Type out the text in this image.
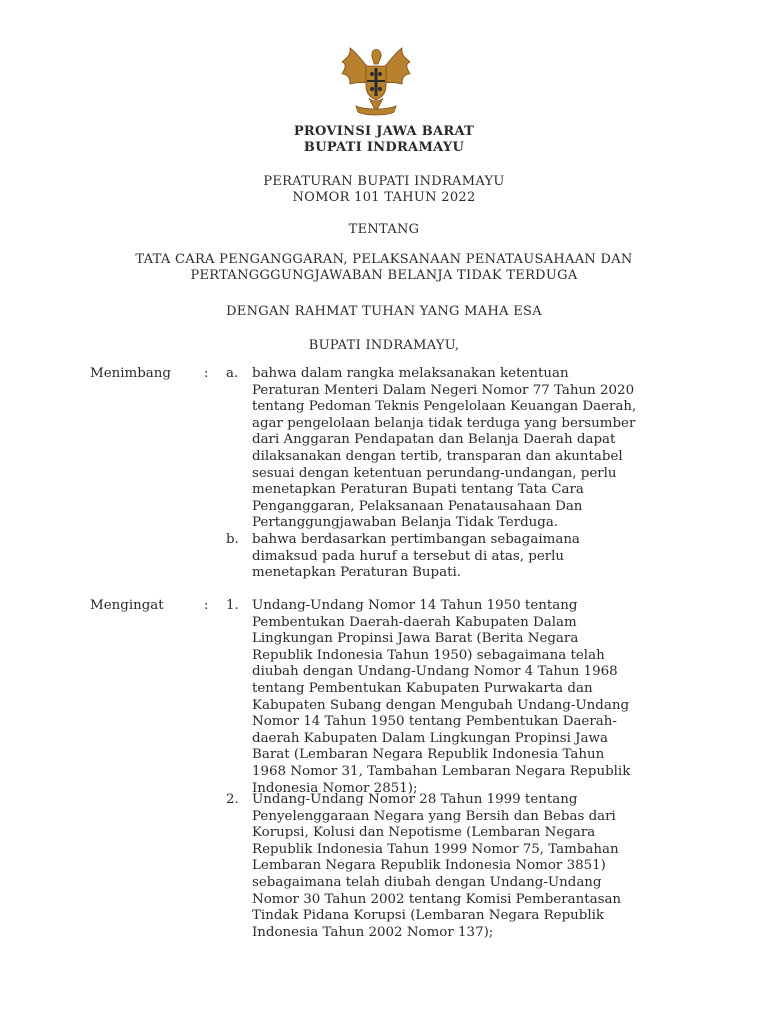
PROVINSI JAWA BARAT
BUPATI INDRAMAYU
PERATURAN BUPATI INDRAMAYU
NOMOR 101 TAHUN 2022
TENTANG
TATA CARA PENGANGGARAN, PELAKSANAAN PENATAUSAHAAN DAN
PERTANGGGUNGJAWABAN BELANJA TIDAK TERDUGA
DENGAN RAHMAT TUHAN YANG MAHA ESA
BUPATI INDRAMAYU,
Menimbang : a. bahwa dalam rangka melaksanakan ketentuan
Peraturan Menteri Dalam Negeri Nomor 77 Tahun 2020
tentang Pedoman Teknis Pengelolaan Keuangan Daerah,
agar pengelolaan belanja tidak terduga yang bersumber
dari Anggaran Pendapatan dan Belanja Daerah dapat
dilaksanakan dengan tertib, transparan dan akuntabel
sesuai dengan ketentuan perundang-undangan, perlu
menetapkan Peraturan Bupati tentang Tata Cara
Penganggaran, Pelaksanaan Penatausahaan Dan
Pertanggungjawaban Belanja Tidak Terduga.
b. bahwa berdasarkan pertimbangan sebagaimana
dimaksud pada huruf a tersebut di atas, perlu
menetapkan Peraturan Bupati.
Mengingat	: 1. Undang-Undang Nomor 14 Tahun 1950 tentang
Pembentukan Daerah-daerah Kabupaten Dalam
Lingkungan Propinsi Jawa Barat (Berita Negara
Republik Indonesia Tahun 1950) sebagaimana telah
diubah dengan Undang-Undang Nomor 4 Tahun 1968
tentang Pembentukan Kabupaten Purwakarta dan
Kabupaten Subang dengan Mengubah Undang-Undang
Nomor 14 Tahun 1950 tentang Pembentukan Daerah-
daerah Kabupaten Dalam Lingkungan Propinsi Jawa
Barat (Lembaran Negara Republik Indonesia Tahun
1968 Nomor 31, Tambahan Lembaran Negara Republik
Indonesia Nomor 2851);
2. Undang-Undang Nomor 28 Tahun 1999 tentang
Penyelenggaraan Negara yang Bersih dan Bebas dari
Korupsi, Kolusi dan Nepotisme (Lembaran Negara
Republik Indonesia Tahun 1999 Nomor 75, Tambahan
Lembaran Negara Republik Indonesia Nomor 3851)
sebagaimana telah diubah dengan Undang-Undang
Nomor 30 Tahun 2002 tentang Komisi Pemberantasan
Tindak Pidana Korupsi (Lembaran Negara Republik
Indonesia Tahun 2002 Nomor 137);
